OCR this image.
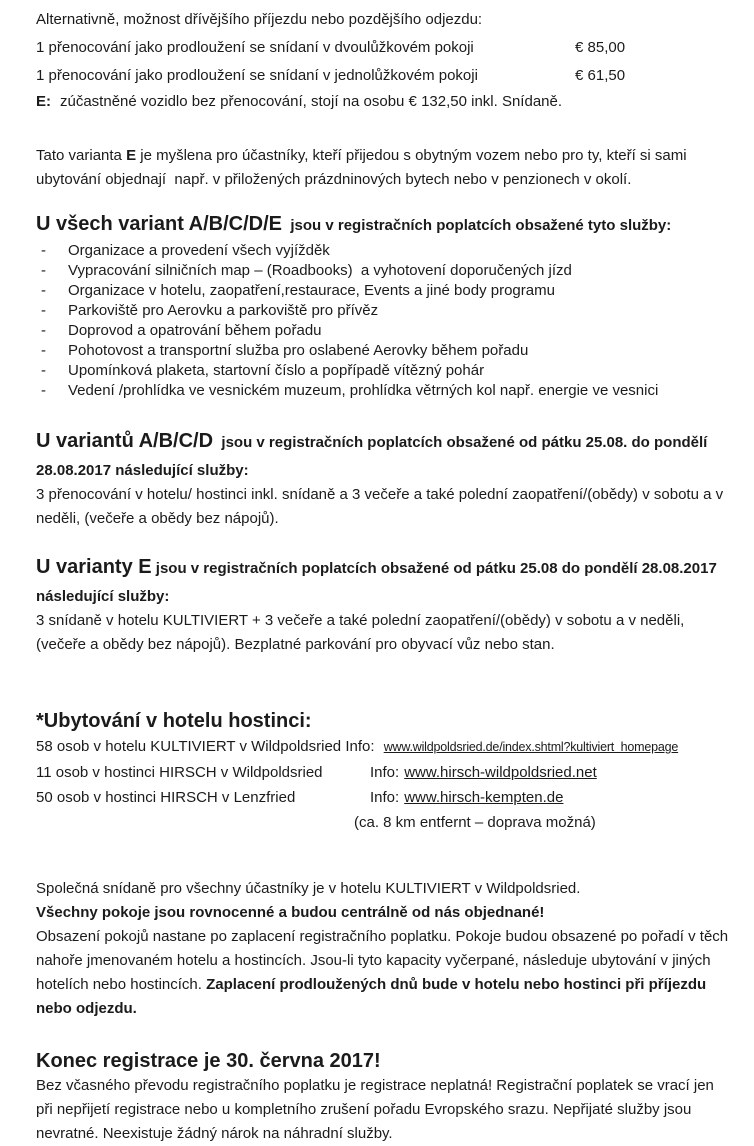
Alternativně, možnost dřívějšího příjezdu nebo pozdějšího odjezdu:

1 přenocování jako prodloužení se snídaní v dvoulůžkovém pokoji	€ 85,00
1 přenocování jako prodloužení se snídaní v jednolůžkovém pokoji	€ 61,50

E: zúčastněné vozidlo bez přenocování, stojí na osobu € 132,50 inkl. Snídaně.

Tato varianta E je myšlena pro účastníky, kteří přijedou s obytným vozem nebo pro ty, kteří si sami ubytování objednají  např. v přiložených prázdninových bytech nebo v penzionech v okolí.

U všech variant A/B/C/D/E  jsou v registračních poplatcích obsažené tyto služby:
-	Organizace a provedení všech vyjížděk
-	Vypracování silničních map – (Roadbooks)  a vyhotovení doporučených jízd
-	Organizace v hotelu, zaopatření,restaurace, Events a jiné body programu
-	Parkoviště pro Aerovku a parkoviště pro přívěz
-	Doprovod a opatrování během pořadu
-	Pohotovost a transportní služba pro oslabené Aerovky během pořadu
-	Upomínková plaketa, startovní číslo a popřípadě vítězný pohár
-	Vedení /prohlídka ve vesnickém muzeum, prohlídka větrných kol např. energie ve vesnici
U variantů A/B/C/D  jsou v registračních poplatcích obsažené od pátku 25.08. do pondělí
28.08.2017 následující služby:

3 přenocování v hotelu/ hostinci inkl. snídaně a 3 večeře a také polední zaopatření/(obědy) v sobotu a v neděli, (večeře a obědy bez nápojů).

U varianty E jsou v registračních poplatcích obsažené od pátku 25.08 do pondělí 28.08.2017
následující služby:

3 snídaně v hotelu KULTIVIERT + 3 večeře a také polední zaopatření/(obědy) v sobotu a v neděli, (večeře a obědy bez nápojů). Bezplatné parkování pro obyvací vůz nebo stan.

*Ubytování v hotelu hostinci:
58 osob v hotelu KULTIVIERT v Wildpoldsried
Info: www.wildpoldsried.de/index.shtml?kultiviert  homepage
11 osob v hostinci HIRSCH v Wildpoldsried	Info: www.hirsch-wildpoldsried.net
50 osob v hostinci HIRSCH v Lenzfried	Info: www.hirsch-kempten.de
(ca. 8 km entfernt – doprava možná)

Společná snídaně pro všechny účastníky je v hotelu KULTIVIERT v Wildpoldsried.

Všechny pokoje jsou rovnocenné a budou centrálně od nás objednané!

Obsazení pokojů nastane po zaplacení registračního poplatku. Pokoje budou obsazené po pořadí v těch nahoře jmenovaném hotelu a hostincích. Jsou-li tyto kapacity vyčerpané, následuje ubytování v jiných hotelích nebo hostincích. Zaplacení prodloužených dnů bude v hotelu nebo hostinci při příjezdu nebo odjezdu.

Konec registrace je 30. června 2017!

Bez včasného převodu registračního poplatku je registrace neplatná! Registrační poplatek se vrací jen při nepřijetí registrace nebo u kompletního zrušení pořadu Evropského srazu. Nepřijaté služby jsou nevratné. Neexistuje žádný nárok na náhradní služby.
